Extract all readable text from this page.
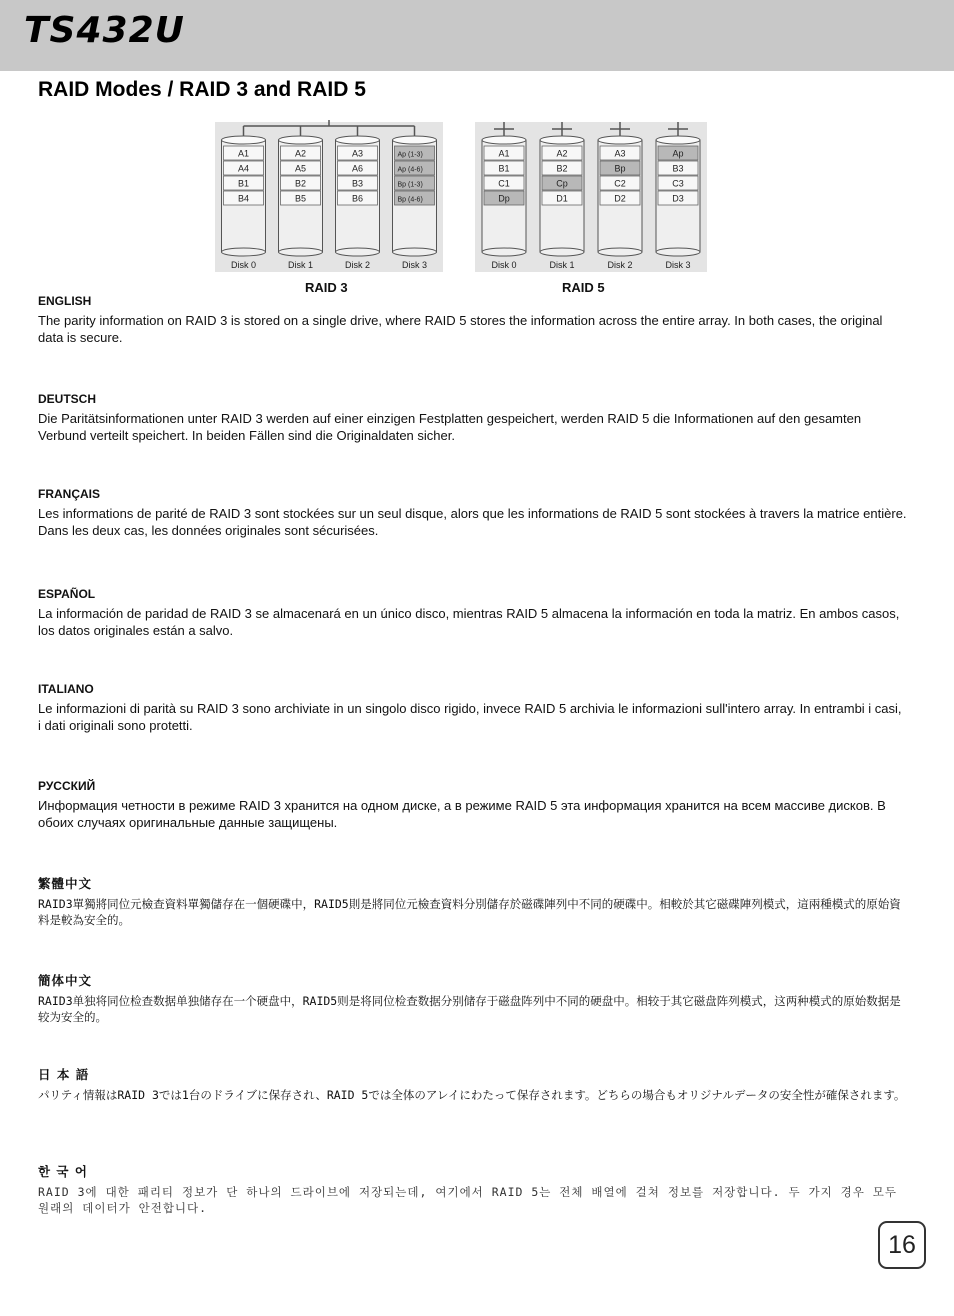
TS432U
RAID Modes / RAID 3 and RAID 5
A1
A4
B1
B4
Disk 0
A2
A5
B2
B5
Disk 1
A3
A6
B3
B6
Disk 2
Ap (1-3)
Ap (4-6)
Bp (1-3)
Bp (4-6)
Disk 3
A1
B1
C1
Dp
Disk 0
A2
B2
Cp
D1
Disk 1
A3
Bp
C2
D2
Disk 2
Ap
B3
C3
D3
Disk 3
RAID 3	RAID 5

ENGLISH

The parity information on RAID 3 is stored on a single drive, where RAID 5 stores the information across the entire array. In both cases, the original data is secure.

DEUTSCH

Die Paritätsinformationen unter RAID 3 werden auf einer einzigen Festplatten gespeichert, werden RAID 5 die Informationen auf den gesamten Verbund verteilt speichert. In beiden Fällen sind die Originaldaten sicher.

FRANÇAIS

Les informations de parité de RAID 3 sont stockées sur un seul disque, alors que les informations de RAID 5 sont stockées à travers la matrice entière. Dans les deux cas, les données originales sont sécurisées.

ESPAÑOL

La información de paridad de RAID 3 se almacenará en un único disco, mientras RAID 5 almacena la información en toda la matriz. En ambos casos, los datos originales están a salvo.

ITALIANO

Le informazioni di parità su RAID 3 sono archiviate in un singolo disco rigido, invece RAID 5 archivia le informazioni sull'intero array. In entrambi i casi, i dati originali sono protetti.

РУССКИЙ

Информация четности в режиме RAID 3 хранится на одном диске, а в режиме RAID 5 эта информация хранится на всем массиве дисков. В обоих случаях оригинальные данные защищены.

繁體中文

RAID3單獨將同位元檢查資料單獨儲存在一個硬碟中，RAID5則是將同位元檢查資料分別儲存於磁碟陣列中不同的硬碟中。相較於其它磁碟陣列模式，這兩種模式的原始資料是較為安全的。

簡体中文

RAID3单独将同位检查数据单独储存在一个硬盘中，RAID5则是将同位检查数据分别储存于磁盘阵列中不同的硬盘中。相较于其它磁盘阵列模式，这两种模式的原始数据是较为安全的。

日 本 語

パリティ情報はRAID 3では1台のドライブに保存され、RAID 5では全体のアレイにわたって保存されます。どちらの場合もオリジナルデータの安全性が確保されます。

한 국 어

RAID 3에 대한 패리티 정보가 단 하나의 드라이브에 저장되는데, 여기에서 RAID 5는 전체 배열에 걸쳐 정보를 저장합니다. 두 가지 경우 모두 원래의 데이터가 안전합니다.

16
